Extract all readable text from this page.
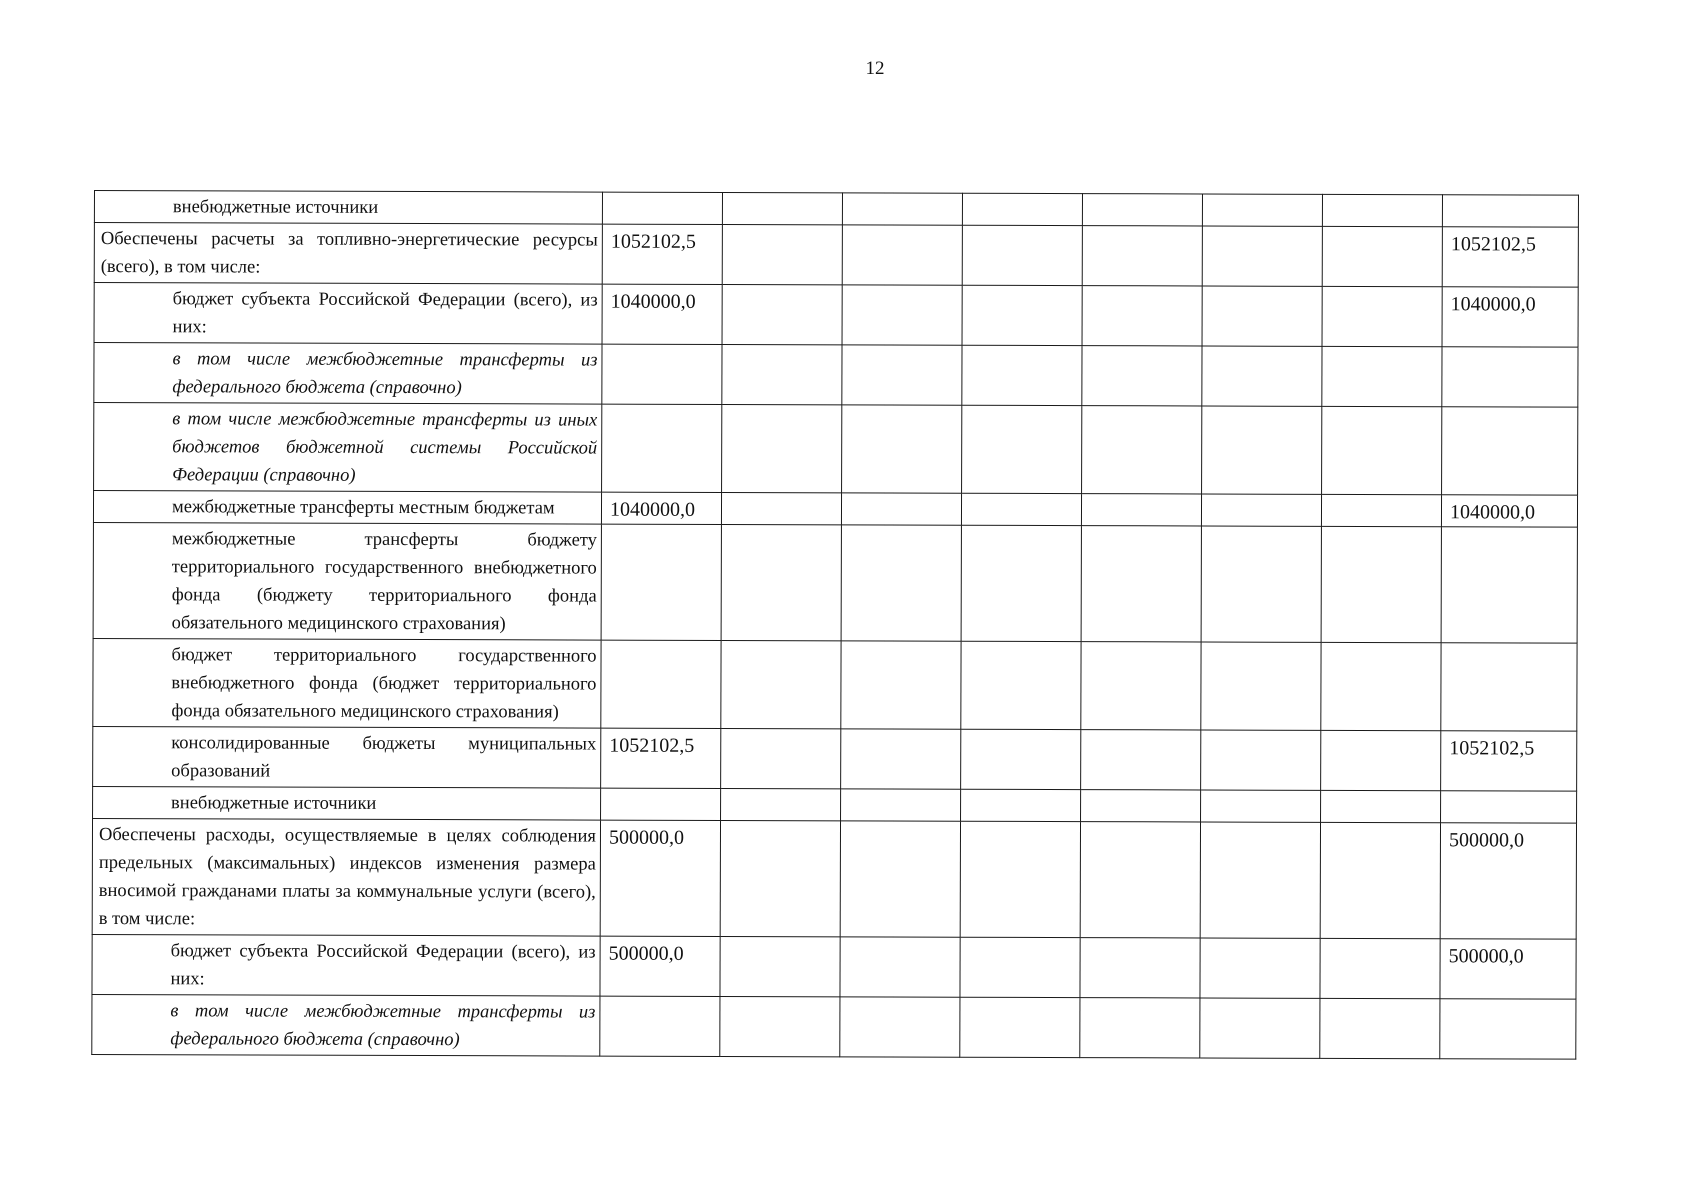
12
внебюджетные источники								

Обеспечены расчеты за топливно-энергетические ресурсы (всего), в том числе:	1052102,5							1052102,5

бюджет субъекта Российской Федерации (всего), из них:	1040000,0							1040000,0

в том числе межбюджетные трансферты из федерального бюджета (справочно)								

в том числе межбюджетные трансферты из иных бюджетов бюджетной системы Российской Федерации (справочно)								

межбюджетные трансферты местным бюджетам	1040000,0							1040000,0

межбюджетные трансферты бюджету территориального государственного внебюджетного фонда (бюджету территориального фонда обязательного медицинского страхования)								

бюджет территориального государственного внебюджетного фонда (бюджет территориального фонда обязательного медицинского страхования)								

консолидированные бюджеты муниципальных образований	1052102,5							1052102,5

внебюджетные источники								

Обеспечены расходы, осуществляемые в целях соблюдения предельных (максимальных) индексов изменения размера вносимой гражданами платы за коммунальные услуги (всего), в том числе:	500000,0							500000,0

бюджет субъекта Российской Федерации (всего), из них:	500000,0							500000,0

в том числе межбюджетные трансферты из федерального бюджета (справочно)								
